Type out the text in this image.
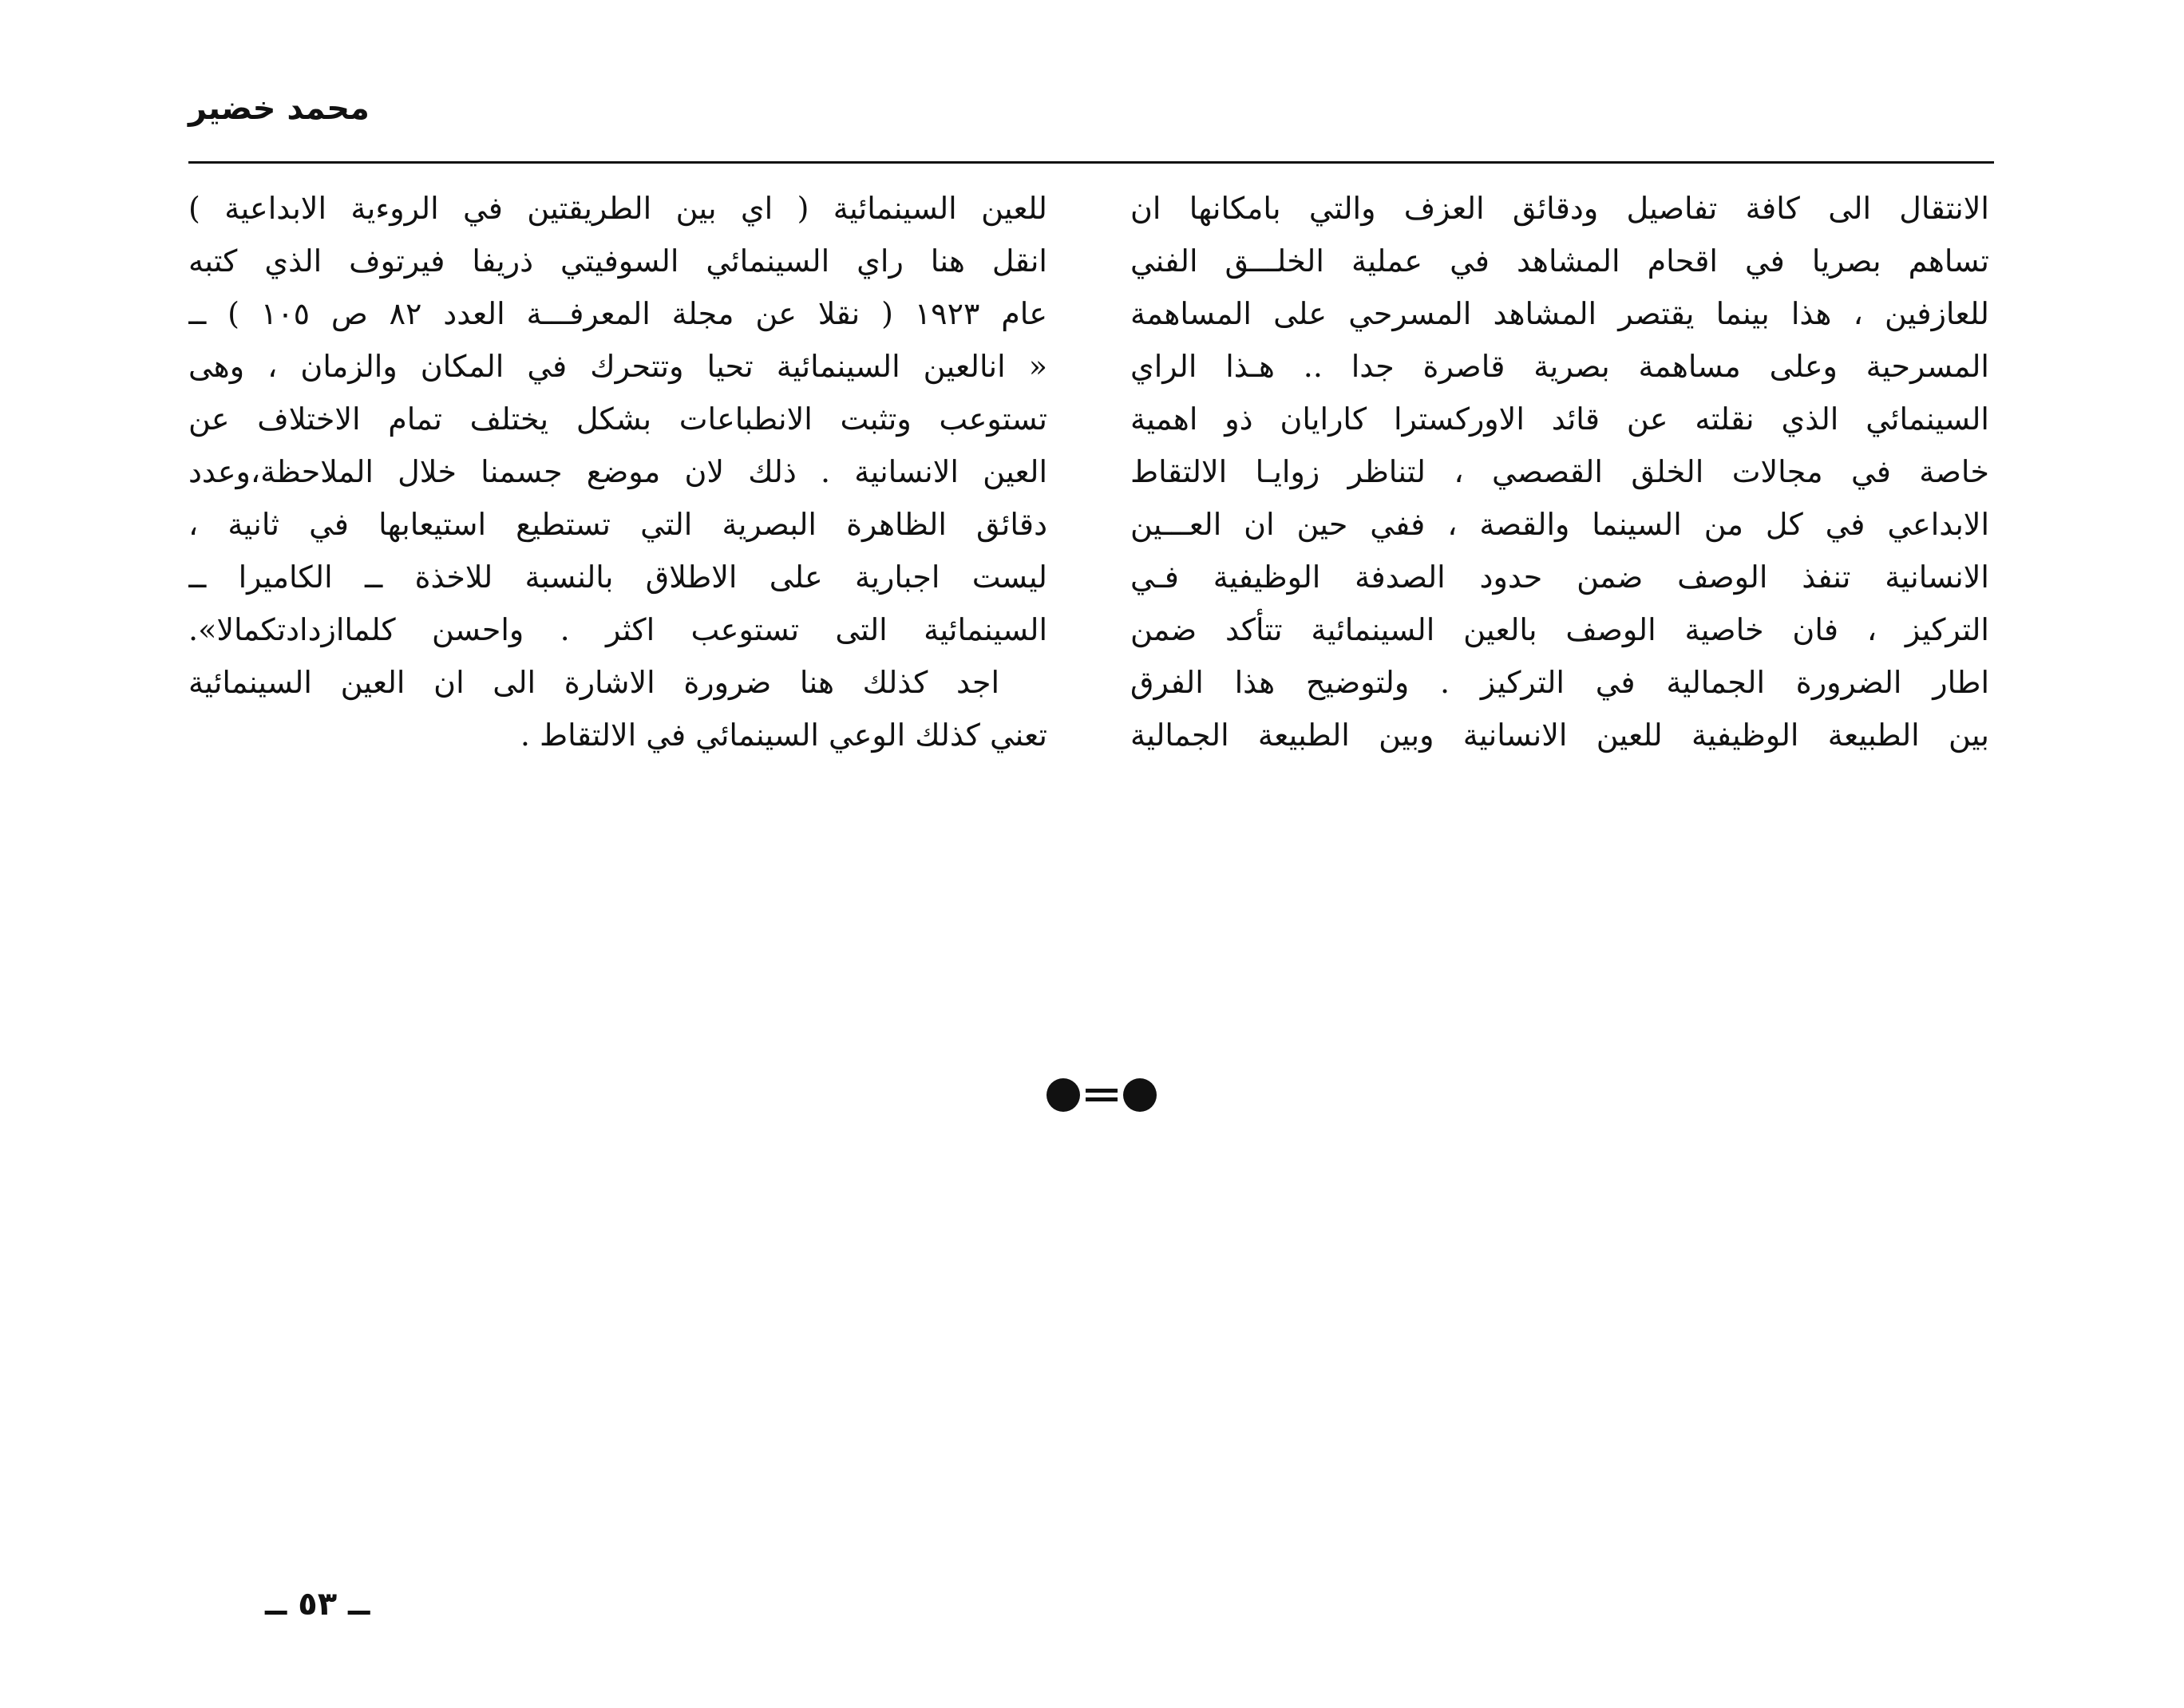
محمد خضير
الانتقال الى كافة تفاصيل ودقائق العزف والتي بامكانها ان
تساهم بصريا في اقحام المشاهد في عملية الخلـــق الفني
للعازفين ، هذا بينما يقتصر المشاهد المسرحي على المساهمة
المسرحية وعلى مساهمة بصرية قاصرة جدا .. هـذا الراي
السينمائي الذي نقلته عن قائد الاوركسترا كارايان ذو اهمية
خاصة في مجالات الخلق القصصي ، لتناظر زوايـا الالتقاط
الابداعي في كل من السينما والقصة ، ففي حين ان العـــين
الانسانية تنفذ الوصف ضمن حدود الصدفة الوظيفية فـي
التركيز ، فان خاصية الوصف بالعين السينمائية تتأكد ضمن
اطار الضرورة الجمالية في التركيز . ولتوضيح هذا الفرق
بين الطبيعة الوظيفية للعين الانسانية وبين الطبيعة الجمالية
للعين السينمائية ( اي بين الطريقتين في الروءية الابداعية )
انقل هنا راي السينمائي السوفيتي ذريفا فيرتوف الذي كتبه
عام ١٩٢٣ ( نقلا عن مجلة المعرفـــة العدد ٨٢ ص ١٠٥ ) ــ
« انالعين السينمائية تحيا وتتحرك في المكان والزمان ، وهى
تستوعب وتثبت الانطباعات بشكل يختلف تمام الاختلاف عن
العين الانسانية . ذلك لان موضع جسمنا خلال الملاحظة،وعدد
دقائق الظاهرة البصرية التي تستطيع استيعابها في ثانية ،
ليست اجبارية على الاطلاق بالنسبة للاخذة ــ الكاميرا ــ
السينمائية التى تستوعب اكثر . واحسن كلماازدادتكمالا».
اجد كذلك هنا ضرورة الاشارة الى ان العين السينمائية
تعني كذلك الوعي السينمائي في الالتقاط .
ــ ٥٣ ــ
